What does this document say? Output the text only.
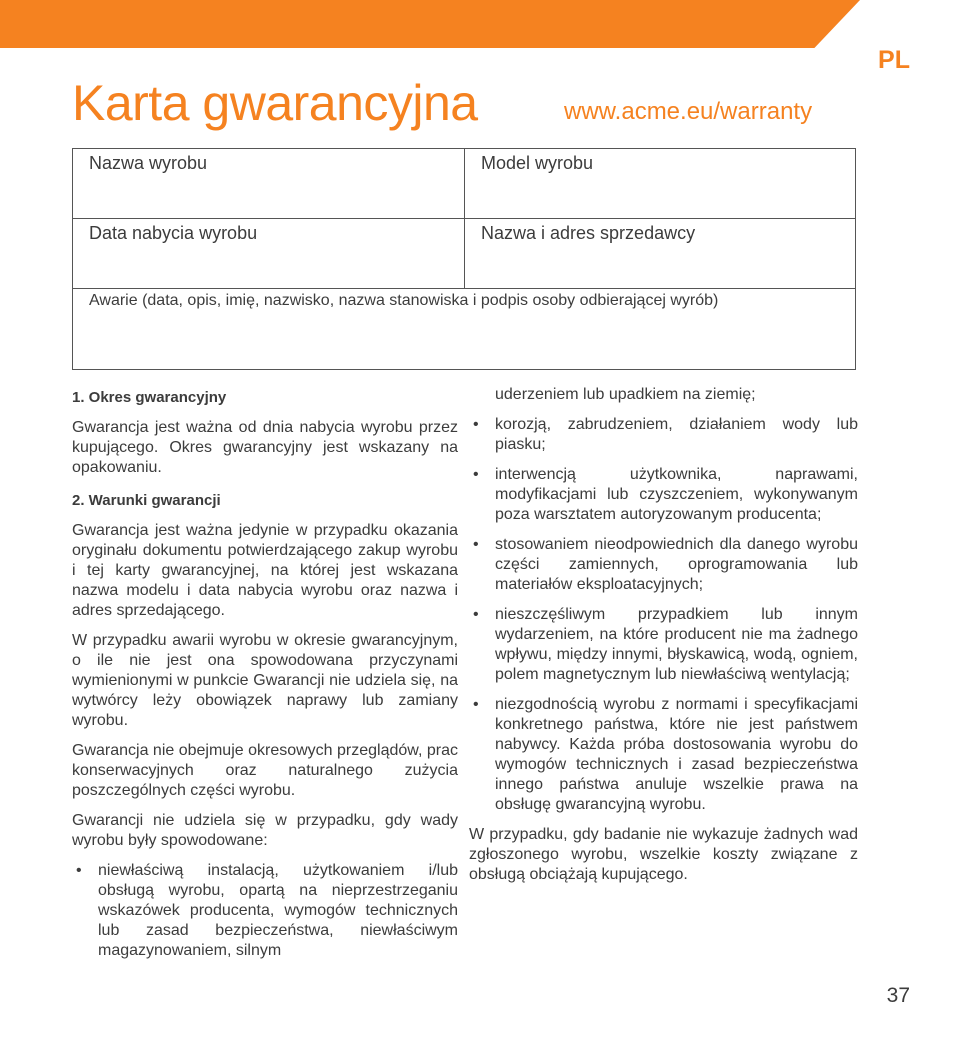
PL
Karta gwarancyjna	www.acme.eu/warranty
Nazwa wyrobu	Model wyrobu
Data nabycia wyrobu	Nazwa i adres sprzedawcy
Awarie (data, opis, imię, nazwisko, nazwa stanowiska i podpis osoby odbierającej wyrób)
1. Okres gwarancyjny

Gwarancja jest ważna od dnia nabycia wyrobu przez kupującego. Okres gwarancyjny jest wskazany na opakowaniu.

2. Warunki gwarancji

Gwarancja jest ważna jedynie w przypadku okazania oryginału dokumentu potwierdzającego zakup wyrobu i tej karty gwarancyjnej, na której jest wskazana nazwa modelu i data nabycia wyrobu oraz nazwa i adres sprzedającego.

W przypadku awarii wyrobu w okresie gwarancyjnym, o ile nie jest ona spowodowana przyczynami wymienionymi w punkcie Gwarancji nie udziela się, na wytwórcy leży obowiązek naprawy lub zamiany wyrobu.

Gwarancja nie obejmuje okresowych przeglądów, prac konserwacyjnych oraz naturalnego zużycia poszczególnych części wyrobu.

Gwarancji nie udziela się w przypadku, gdy wady wyrobu były spowodowane:

• niewłaściwą instalacją, użytkowaniem i/lub obsługą wyrobu, opartą na nieprzestrzeganiu wskazówek producenta, wymogów technicznych lub zasad bezpieczeństwa, niewłaściwym magazynowaniem, silnym
uderzeniem lub upadkiem na ziemię;
• korozją, zabrudzeniem, działaniem wody lub piasku;
• interwencją użytkownika, naprawami, modyfikacjami lub czyszczeniem, wykonywanym poza warsztatem autoryzowanym producenta;
• stosowaniem nieodpowiednich dla danego wyrobu części zamiennych, oprogramowania lub materiałów eksploatacyjnych;
• nieszczęśliwym przypadkiem lub innym wydarzeniem, na które producent nie ma żadnego wpływu, między innymi, błyskawicą, wodą, ogniem, polem magnetycznym lub niewłaściwą wentylacją;
• niezgodnością wyrobu z normami i specyfikacjami konkretnego państwa, które nie jest państwem nabywcy. Każda próba dostosowania wyrobu do wymogów technicznych i zasad bezpieczeństwa innego państwa anuluje wszelkie prawa na obsługę gwarancyjną wyrobu.

W przypadku, gdy badanie nie wykazuje żadnych wad zgłoszonego wyrobu, wszelkie koszty związane z obsługą obciążają kupującego.

37
